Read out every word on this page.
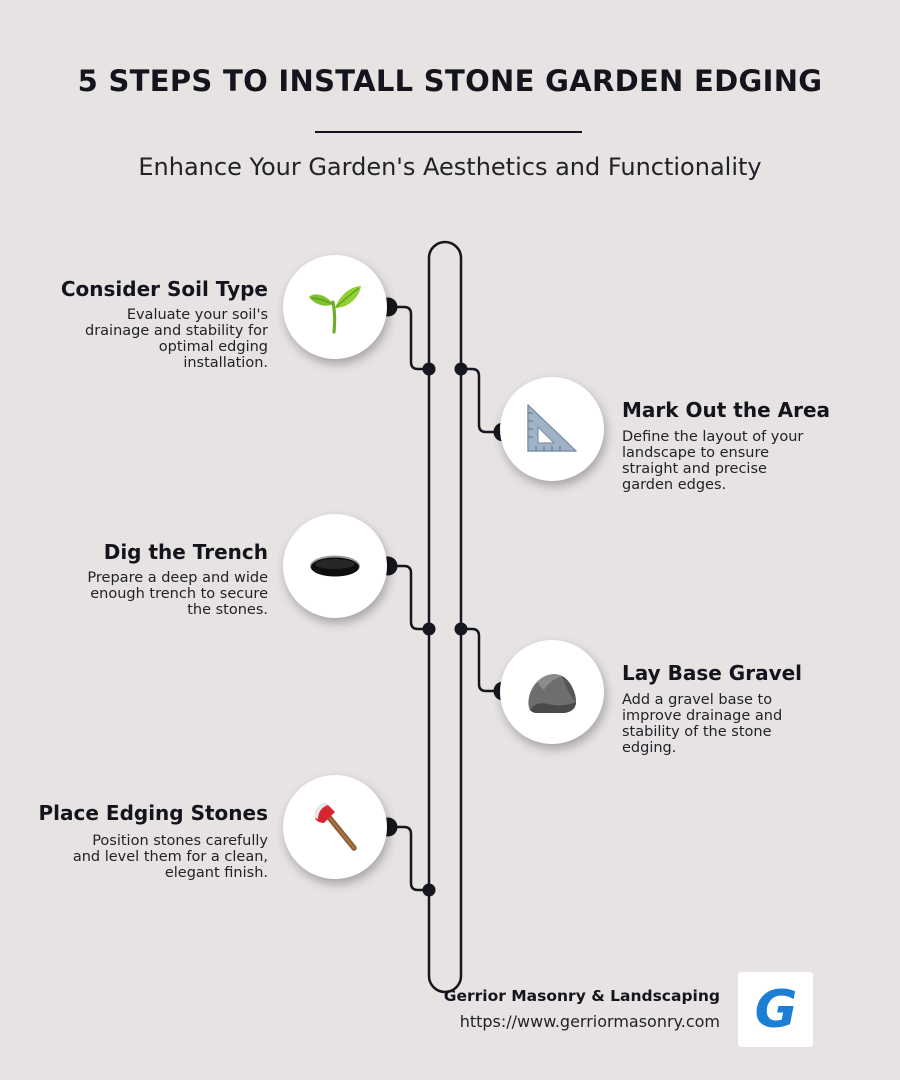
5 STEPS TO INSTALL STONE GARDEN EDGING
Enhance Your Garden's Aesthetics and Functionality
Consider Soil Type
Evaluate your soil's
drainage and stability for
optimal edging
installation.
Mark Out the Area
Define the layout of your
landscape to ensure
straight and precise
garden edges.
Dig the Trench
Prepare a deep and wide
enough trench to secure
the stones.
Lay Base Gravel
Add a gravel base to
improve drainage and
stability of the stone
edging.
Place Edging Stones
Position stones carefully
and level them for a clean,
elegant finish.
Gerrior Masonry & Landscaping
https://www.gerriormasonry.com G
